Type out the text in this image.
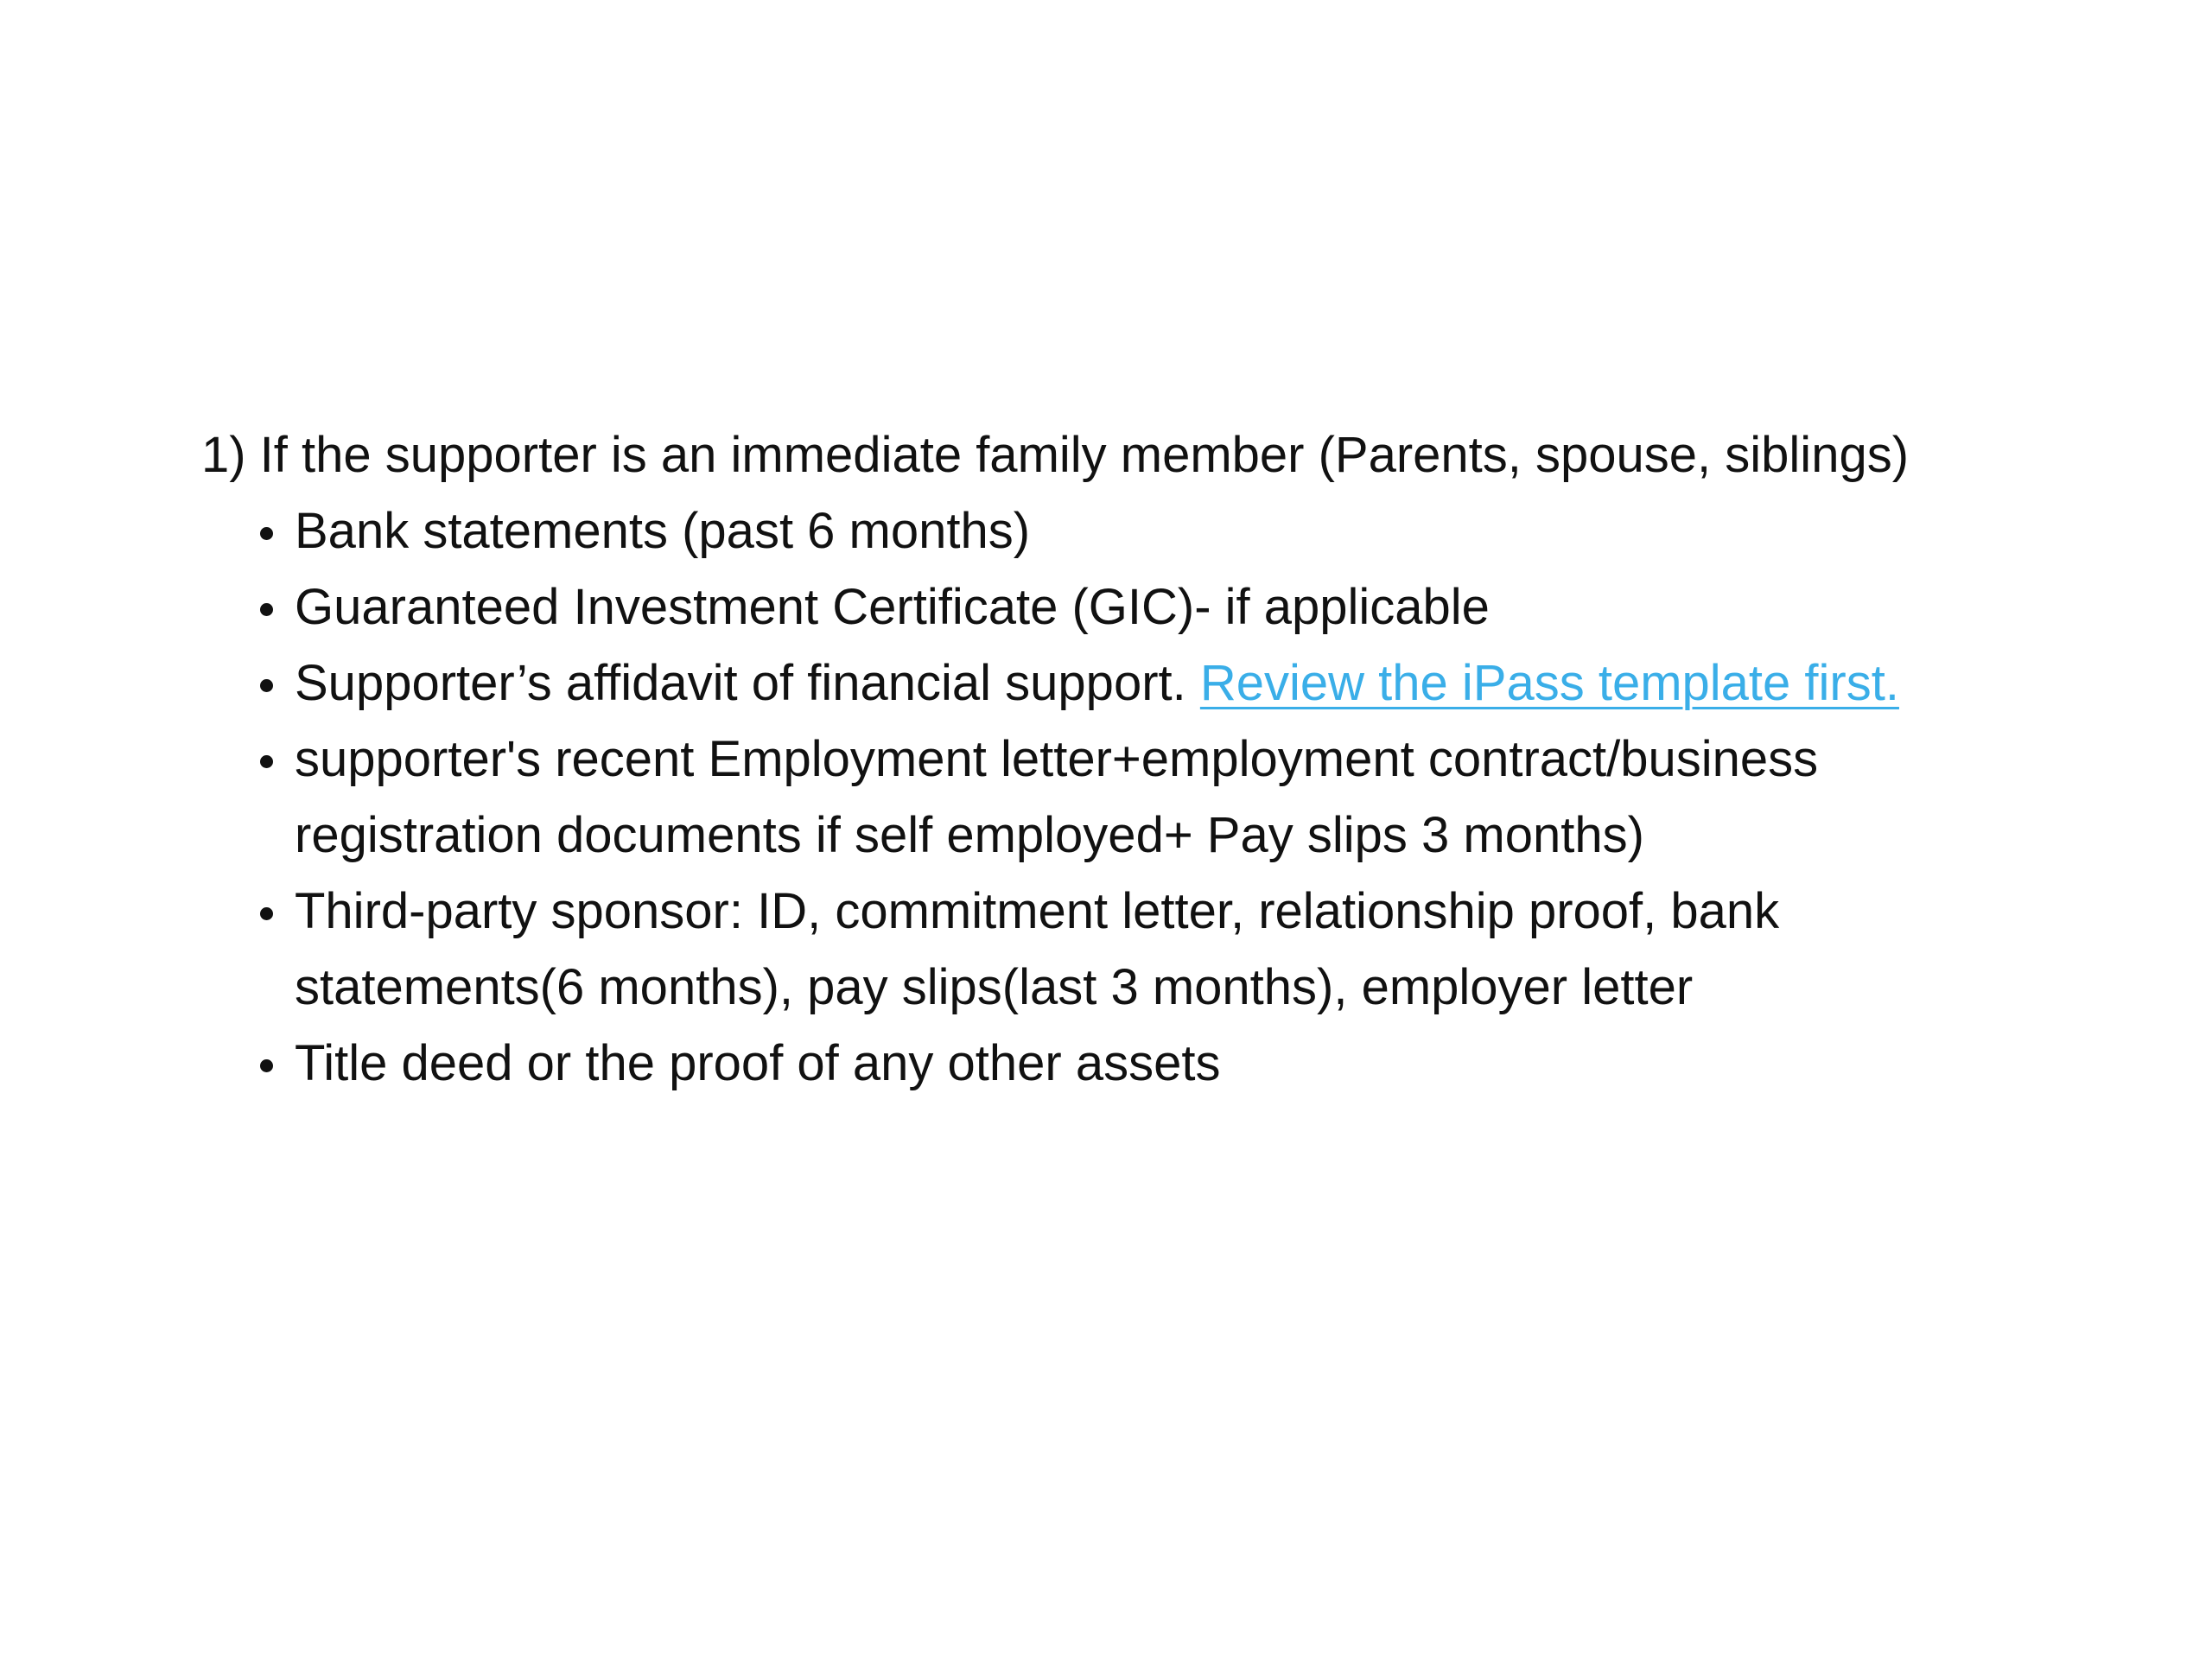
1) If the supporter is an immediate family member (Parents, spouse, siblings)

Bank statements (past 6 months)
Guaranteed Investment Certificate (GIC)- if applicable
Supporter’s affidavit of financial support. Review the iPass template first.
supporter's recent Employment letter+employment contract/business registration documents if self employed+ Pay slips 3 months)
Third-party sponsor: ID, commitment letter, relationship proof, bank statements(6 months), pay slips(last 3 months), employer letter
Title deed or the proof of any other assets
